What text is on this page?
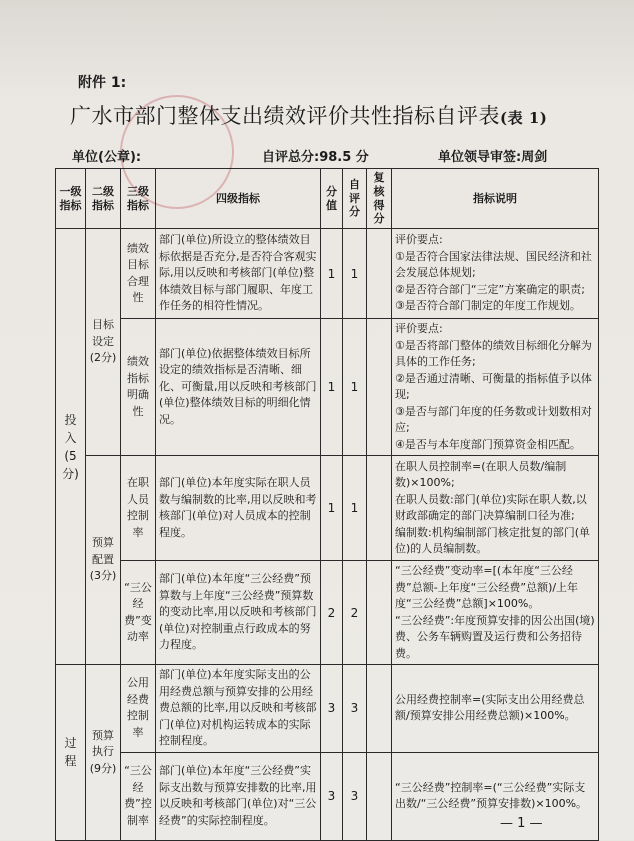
附件 1:
广水市部门整体支出绩效评价共性指标自评表(表 1)
单位(公章):	自评总分:98.5 分	单位领导审签:周剑
一级指标	二级指标	三级指标	四级指标	分值	自评分	复核得分	指标说明
投入(5分)	目标设定(2分)	绩效目标合理性	部门(单位)所设立的整体绩效目标依据是否充分,是否符合客观实际,用以反映和考核部门(单位)整体绩效目标与部门履职、年度工作任务的相符性情况。	1	1		评价要点:
①是否符合国家法律法规、国民经济和社会发展总体规划;
②是否符合部门“三定”方案确定的职责;
③是否符合部门制定的年度工作规划。

		绩效指标明确性	部门(单位)依据整体绩效目标所设定的绩效指标是否清晰、细化、可衡量,用以反映和考核部门(单位)整体绩效目标的明细化情况。	1	1		评价要点:
①是否将部门整体的绩效目标细化分解为具体的工作任务;
②是否通过清晰、可衡量的指标值予以体现;
③是否与部门年度的任务数或计划数相对应;
④是否与本年度部门预算资金相匹配。

	预算配置(3分)	在职人员控制率	部门(单位)本年度实际在职人员数与编制数的比率,用以反映和考核部门(单位)对人员成本的控制程度。	1	1		在职人员控制率=(在职人员数/编制数)×100%;
在职人员数:部门(单位)实际在职人数,以财政部确定的部门决算编制口径为准;
编制数:机构编制部门核定批复的部门(单位)的人员编制数。

		“三公经费”变动率	部门(单位)本年度“三公经费”预算数与上年度“三公经费”预算数的变动比率,用以反映和考核部门(单位)对控制重点行政成本的努力程度。	2	2		“三公经费”变动率=[(本年度“三公经费”总额-上年度“三公经费”总额)/上年度“三公经费”总额]×100%。
“三公经费”:年度预算安排的因公出国(境)费、公务车辆购置及运行费和公务招待费。

过程	预算执行(9分)	公用经费控制率	部门(单位)本年度实际支出的公用经费总额与预算安排的公用经费总额的比率,用以反映和考核部门(单位)对机构运转成本的实际控制程度。	3	3		公用经费控制率=(实际支出公用经费总额/预算安排公用经费总额)×100%。

		“三公经费”控制率	部门(单位)本年度“三公经费”实际支出数与预算安排数的比率,用以反映和考核部门(单位)对“三公经费”的实际控制程度。	3	3		“三公经费”控制率=(“三公经费”实际支出数/“三公经费”预算安排数)×100%。
— 1 —
